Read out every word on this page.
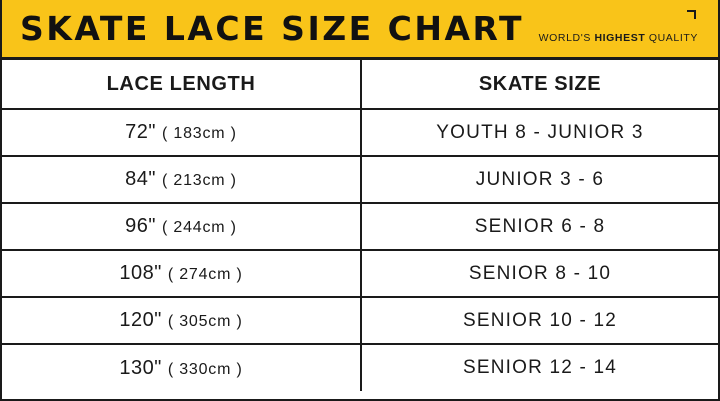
SKATE LACE SIZE CHART WORLD'S HIGHEST QUALITY
LACE LENGTH	SKATE SIZE
72" ( 183cm )	YOUTH 8 - JUNIOR 3
84" ( 213cm )	JUNIOR 3 - 6
96" ( 244cm )	SENIOR 6 - 8
108" ( 274cm )	SENIOR 8 - 10
120" ( 305cm )	SENIOR 10 - 12
130" ( 330cm )	SENIOR 12 - 14
